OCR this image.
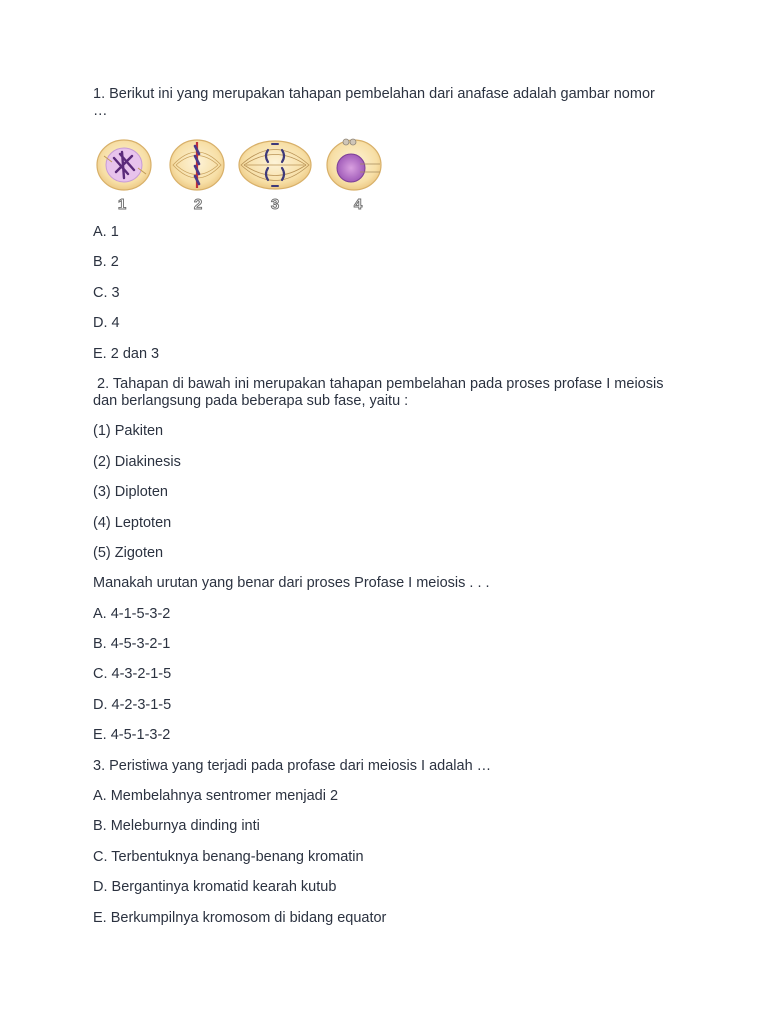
1. Berikut ini yang merupakan tahapan pembelahan dari anafase adalah gambar nomor …

1	2	3	4

A. 1

B. 2

C. 3

D. 4

E. 2 dan 3

2. Tahapan di bawah ini merupakan tahapan pembelahan pada proses profase I meiosis dan berlangsung pada beberapa sub fase, yaitu :

(1) Pakiten

(2) Diakinesis

(3) Diploten

(4) Leptoten

(5) Zigoten

Manakah urutan yang benar dari proses Profase I meiosis . . .

A. 4-1-5-3-2

B. 4-5-3-2-1

C. 4-3-2-1-5

D. 4-2-3-1-5

E. 4-5-1-3-2

3. Peristiwa yang terjadi pada profase dari meiosis I adalah …

A. Membelahnya sentromer menjadi 2

B. Meleburnya dinding inti

C. Terbentuknya benang-benang kromatin

D. Bergantinya kromatid kearah kutub

E. Berkumpilnya kromosom di bidang equator
